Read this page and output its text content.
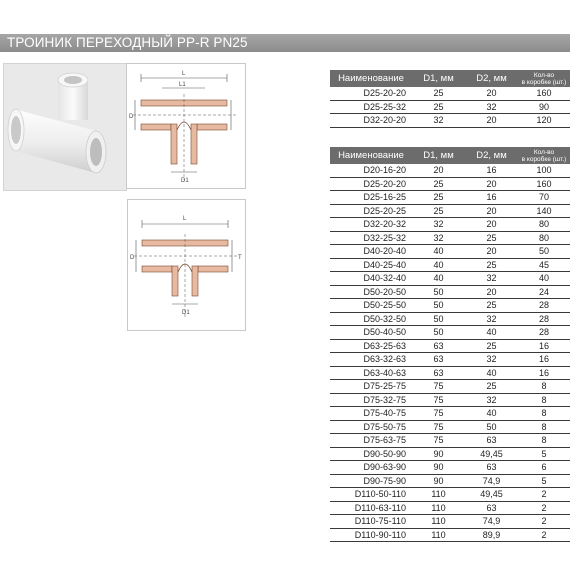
ТРОИНИК ПЕРЕХОДНЫЙ PP-R PN25
L
L1
D
D1
L
D	T
D1
Наименование	D1, мм	D2, мм	Кол-во
в коробке (шт.)
D25-20-20	25	20	160
D25-25-32	25	32	90
D32-20-20	32	20	120
Наименование	D1, мм	D2, мм	Кол-во
в коробке (шт.)
D20-16-20	20	16	100
D25-20-20	25	20	160
D25-16-25	25	16	70
D25-20-25	25	20	140
D32-20-32	32	20	80
D32-25-32	32	25	80
D40-20-40	40	20	50
D40-25-40	40	25	45
D40-32-40	40	32	40
D50-20-50	50	20	24
D50-25-50	50	25	28
D50-32-50	50	32	28
D50-40-50	50	40	28
D63-25-63	63	25	16
D63-32-63	63	32	16
D63-40-63	63	40	16
D75-25-75	75	25	8
D75-32-75	75	32	8
D75-40-75	75	40	8
D75-50-75	75	50	8
D75-63-75	75	63	8
D90-50-90	90	49,45	5
D90-63-90	90	63	6
D90-75-90	90	74,9	5
D110-50-110	110	49,45	2
D110-63-110	110	63	2
D110-75-110	110	74,9	2
D110-90-110	110	89,9	2
